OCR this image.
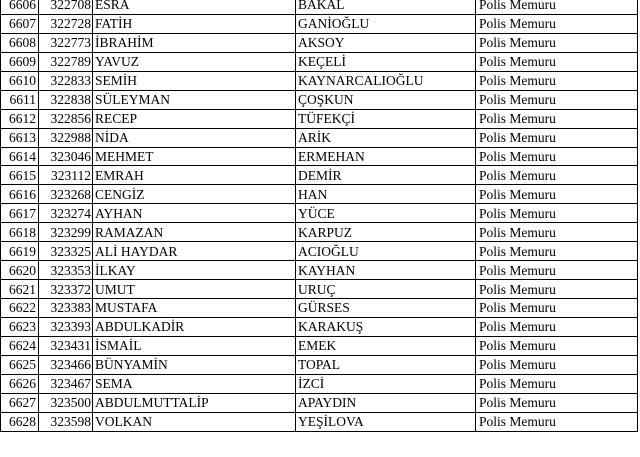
6606	322708	ESRA	BAKAL	Polis Memuru
6607	322728	FATİH	GANİOĞLU	Polis Memuru
6608	322773	İBRAHİM	AKSOY	Polis Memuru
6609	322789	YAVUZ	KEÇELİ	Polis Memuru
6610	322833	SEMİH	KAYNARCALIOĞLU	Polis Memuru
6611	322838	SÜLEYMAN	ÇOŞKUN	Polis Memuru
6612	322856	RECEP	TÜFEKÇİ	Polis Memuru
6613	322988	NİDA	ARİK	Polis Memuru
6614	323046	MEHMET	ERMEHAN	Polis Memuru
6615	323112	EMRAH	DEMİR	Polis Memuru
6616	323268	CENGİZ	HAN	Polis Memuru
6617	323274	AYHAN	YÜCE	Polis Memuru
6618	323299	RAMAZAN	KARPUZ	Polis Memuru
6619	323325	ALİ HAYDAR	ACIOĞLU	Polis Memuru
6620	323353	İLKAY	KAYHAN	Polis Memuru
6621	323372	UMUT	URUÇ	Polis Memuru
6622	323383	MUSTAFA	GÜRSES	Polis Memuru
6623	323393	ABDULKADİR	KARAKUŞ	Polis Memuru
6624	323431	İSMAİL	EMEK	Polis Memuru
6625	323466	BÜNYAMİN	TOPAL	Polis Memuru
6626	323467	SEMA	İZCİ	Polis Memuru
6627	323500	ABDULMUTTALİP	APAYDIN	Polis Memuru
6628	323598	VOLKAN	YEŞİLOVA	Polis Memuru
